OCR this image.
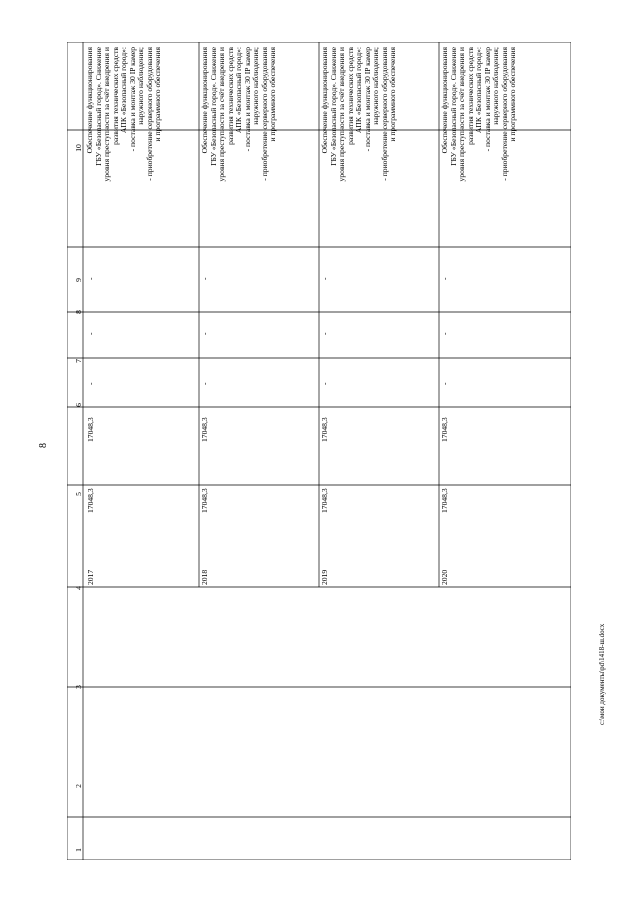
8
1
2
3
4
5
6
7
8
9
10
2017
17048,3
17048,3
-
-
-
Обеспечение функционирования ГБУ «Безопасный город». Снижение уровня преступности за счёт внедрения и развития технических средств АПК «Безопасный город»: - поставка и монтаж 30 IP камер наружного наблюдения; - приобретение серверного оборудования и программного обеспечения
2018
17048,3
17048,3
-
-
-
Обеспечение функционирования ГБУ «Безопасный город». Снижение уровня преступности за счёт внедрения и развития технических средств АПК «Безопасный город»: - поставка и монтаж 30 IP камер наружного наблюдения; - приобретение серверного оборудования и программного обеспечения
2019
17048,3
17048,3
-
-
-
Обеспечение функционирования ГБУ «Безопасный город». Снижение уровня преступности за счёт внедрения и развития технических средств АПК «Безопасный город»: - поставка и монтаж 30 IP камер наружного наблюдения; - приобретение серверного оборудования и программного обеспечения
2020
17048,3
17048,3
-
-
-
Обеспечение функционирования ГБУ «Безопасный город». Снижение уровня преступности за счёт внедрения и развития технических средств АПК «Безопасный город»: - поставка и монтаж 30 IP камер наружного наблюдения; - приобретение серверного оборудования и программного обеспечения
c:\мои документы\pd\1418-ш.docx
